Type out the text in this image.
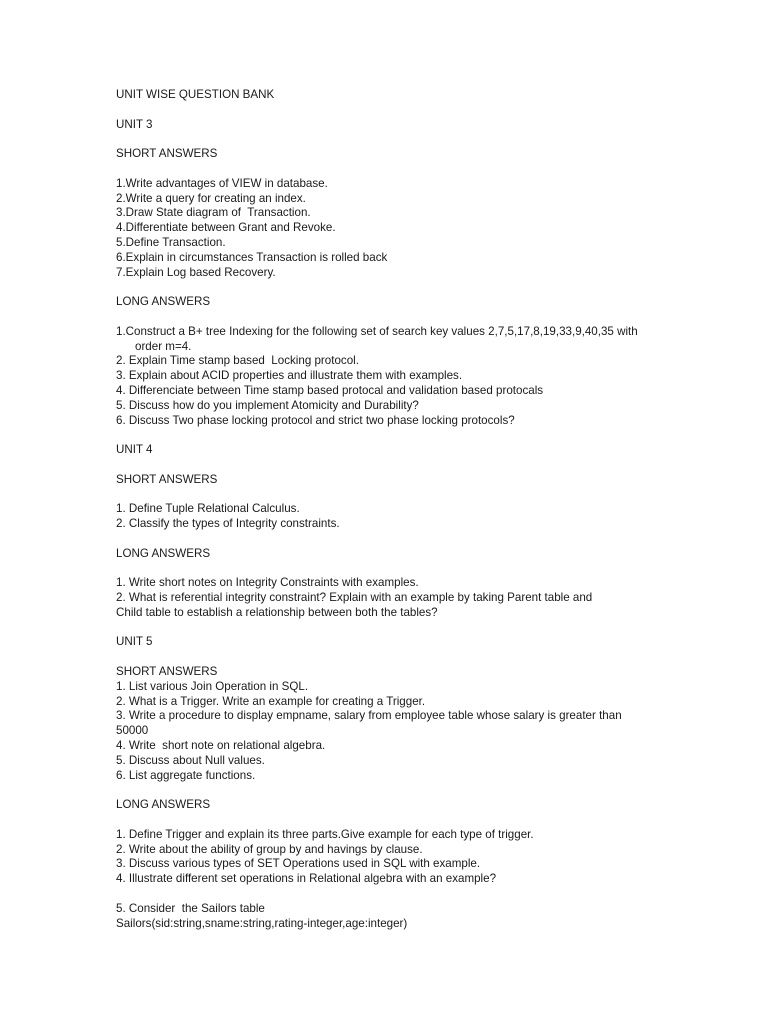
UNIT WISE QUESTION BANK
UNIT 3
SHORT ANSWERS
1.Write advantages of VIEW in database.
2.Write a query for creating an index.
3.Draw State diagram of  Transaction.
4.Differentiate between Grant and Revoke.
5.Define Transaction.
6.Explain in circumstances Transaction is rolled back
7.Explain Log based Recovery.
LONG ANSWERS
1.Construct a B+ tree Indexing for the following set of search key values 2,7,5,17,8,19,33,9,40,35 with
order m=4.
2. Explain Time stamp based  Locking protocol.
3. Explain about ACID properties and illustrate them with examples.
4. Differenciate between Time stamp based protocal and validation based protocals
5. Discuss how do you implement Atomicity and Durability?
6. Discuss Two phase locking protocol and strict two phase locking protocols?
UNIT 4
SHORT ANSWERS
1. Define Tuple Relational Calculus.
2. Classify the types of Integrity constraints.
LONG ANSWERS
1. Write short notes on Integrity Constraints with examples.
2. What is referential integrity constraint? Explain with an example by taking Parent table and
Child table to establish a relationship between both the tables?
UNIT 5
SHORT ANSWERS
1. List various Join Operation in SQL.
2. What is a Trigger. Write an example for creating a Trigger.
3. Write a procedure to display empname, salary from employee table whose salary is greater than
50000
4. Write  short note on relational algebra.
5. Discuss about Null values.
6. List aggregate functions.
LONG ANSWERS
1. Define Trigger and explain its three parts.Give example for each type of trigger.
2. Write about the ability of group by and havings by clause.
3. Discuss various types of SET Operations used in SQL with example.
4. Illustrate different set operations in Relational algebra with an example?
5. Consider  the Sailors table
Sailors(sid:string,sname:string,rating-integer,age:integer)
